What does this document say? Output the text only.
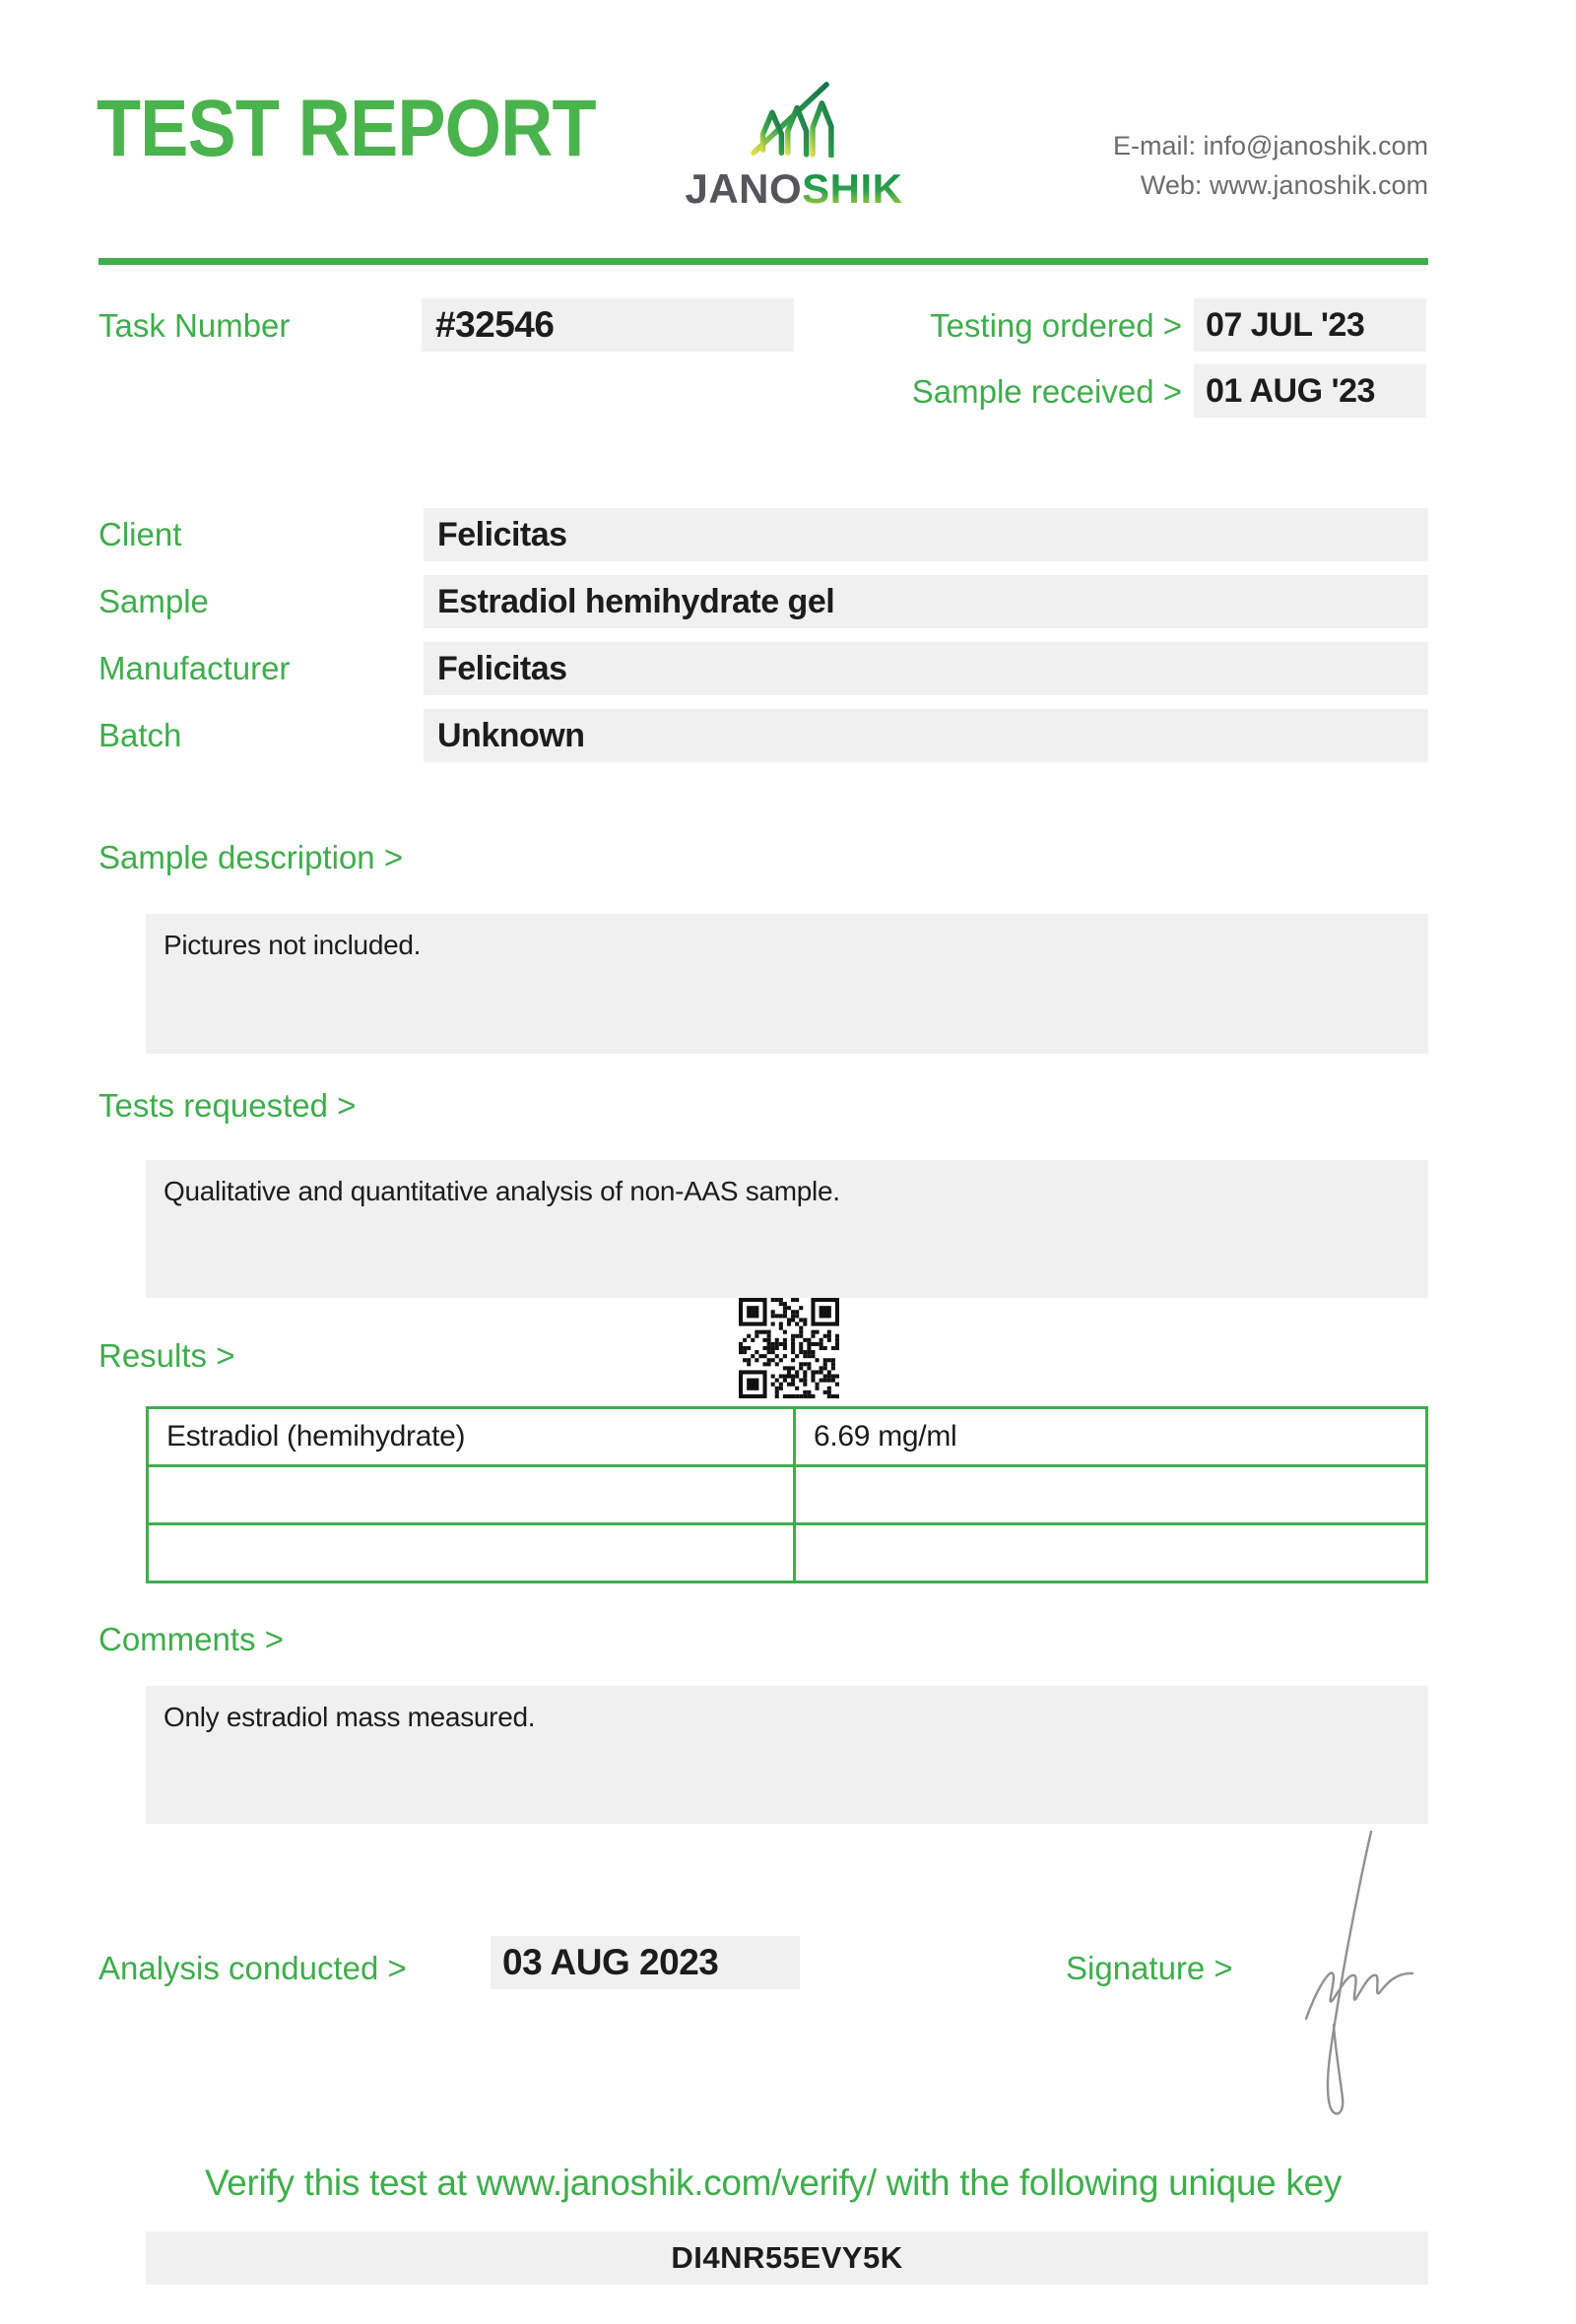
TEST REPORT
JANOSHIK
E-mail: info@janoshik.com
Web: www.janoshik.com
Task Number	#32546	Testing ordered > 07 JUL '23
Sample received > 01 AUG '23
Client	Felicitas
Sample	Estradiol hemihydrate gel
Manufacturer	Felicitas
Batch	Unknown
Sample description >
Pictures not included.
Tests requested >
Qualitative and quantitative analysis of non-AAS sample.
Results >
Estradiol (hemihydrate)	6.69 mg/ml
Comments >
Only estradiol mass measured.
Analysis conducted >	03 AUG 2023	Signature >
Verify this test at www.janoshik.com/verify/ with the following unique key
DI4NR55EVY5K
